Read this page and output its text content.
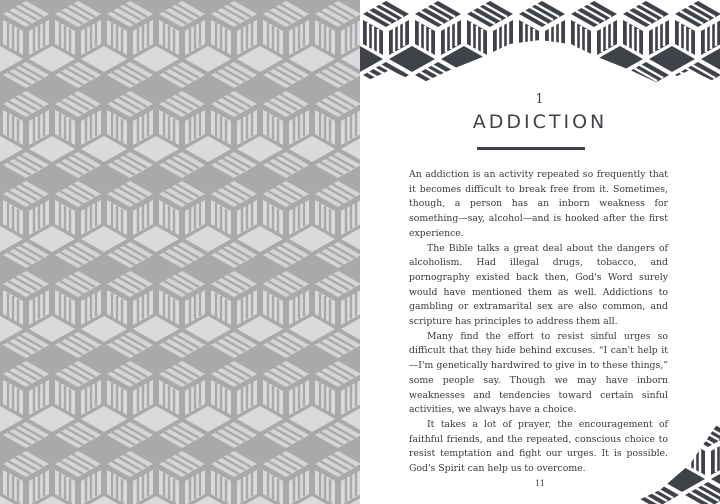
1
ADDICTION

An addiction is an activity repeated so frequently that it becomes difficult to break free from it. Sometimes, though, a person has an inborn weakness for something—say, alcohol—and is hooked after the first experience.

The Bible talks a great deal about the dangers of alcoholism. Had illegal drugs, tobacco, and pornography existed back then, God's Word surely would have mentioned them as well. Addictions to gambling or extramarital sex are also common, and scripture has principles to address them all.

Many find the effort to resist sinful urges so difficult that they hide behind excuses. “I can't help it—I'm genetically hardwired to give in to these things,” some people say. Though we may have inborn weaknesses and tendencies toward certain sinful activities, we always have a choice.

It takes a lot of prayer, the encouragement of faithful friends, and the repeated, conscious choice to resist temptation and fight our urges. It is possible. God's Spirit can help us to overcome.

11
